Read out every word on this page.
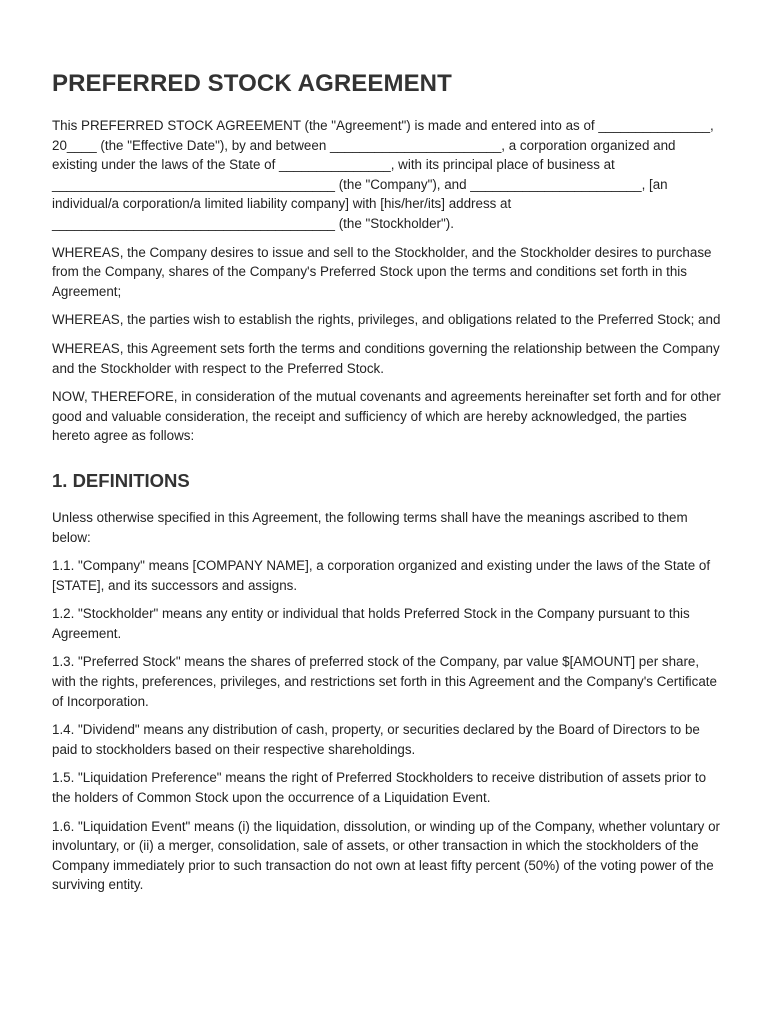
PREFERRED STOCK AGREEMENT

This PREFERRED STOCK AGREEMENT (the "Agreement") is made and entered into as of _______________, 20____ (the "Effective Date"), by and between _______________________, a corporation organized and existing under the laws of the State of _______________, with its principal place of business at ______________________________________ (the "Company"), and _______________________, [an individual/a corporation/a limited liability company] with [his/her/its] address at ______________________________________ (the "Stockholder").

WHEREAS, the Company desires to issue and sell to the Stockholder, and the Stockholder desires to purchase from the Company, shares of the Company's Preferred Stock upon the terms and conditions set forth in this Agreement;

WHEREAS, the parties wish to establish the rights, privileges, and obligations related to the Preferred Stock; and

WHEREAS, this Agreement sets forth the terms and conditions governing the relationship between the Company and the Stockholder with respect to the Preferred Stock.

NOW, THEREFORE, in consideration of the mutual covenants and agreements hereinafter set forth and for other good and valuable consideration, the receipt and sufficiency of which are hereby acknowledged, the parties hereto agree as follows:

1. DEFINITIONS

Unless otherwise specified in this Agreement, the following terms shall have the meanings ascribed to them below:

1.1. "Company" means [COMPANY NAME], a corporation organized and existing under the laws of the State of [STATE], and its successors and assigns.

1.2. "Stockholder" means any entity or individual that holds Preferred Stock in the Company pursuant to this Agreement.

1.3. "Preferred Stock" means the shares of preferred stock of the Company, par value $[AMOUNT] per share, with the rights, preferences, privileges, and restrictions set forth in this Agreement and the Company's Certificate of Incorporation.

1.4. "Dividend" means any distribution of cash, property, or securities declared by the Board of Directors to be paid to stockholders based on their respective shareholdings.

1.5. "Liquidation Preference" means the right of Preferred Stockholders to receive distribution of assets prior to the holders of Common Stock upon the occurrence of a Liquidation Event.

1.6. "Liquidation Event" means (i) the liquidation, dissolution, or winding up of the Company, whether voluntary or involuntary, or (ii) a merger, consolidation, sale of assets, or other transaction in which the stockholders of the Company immediately prior to such transaction do not own at least fifty percent (50%) of the voting power of the surviving entity.
